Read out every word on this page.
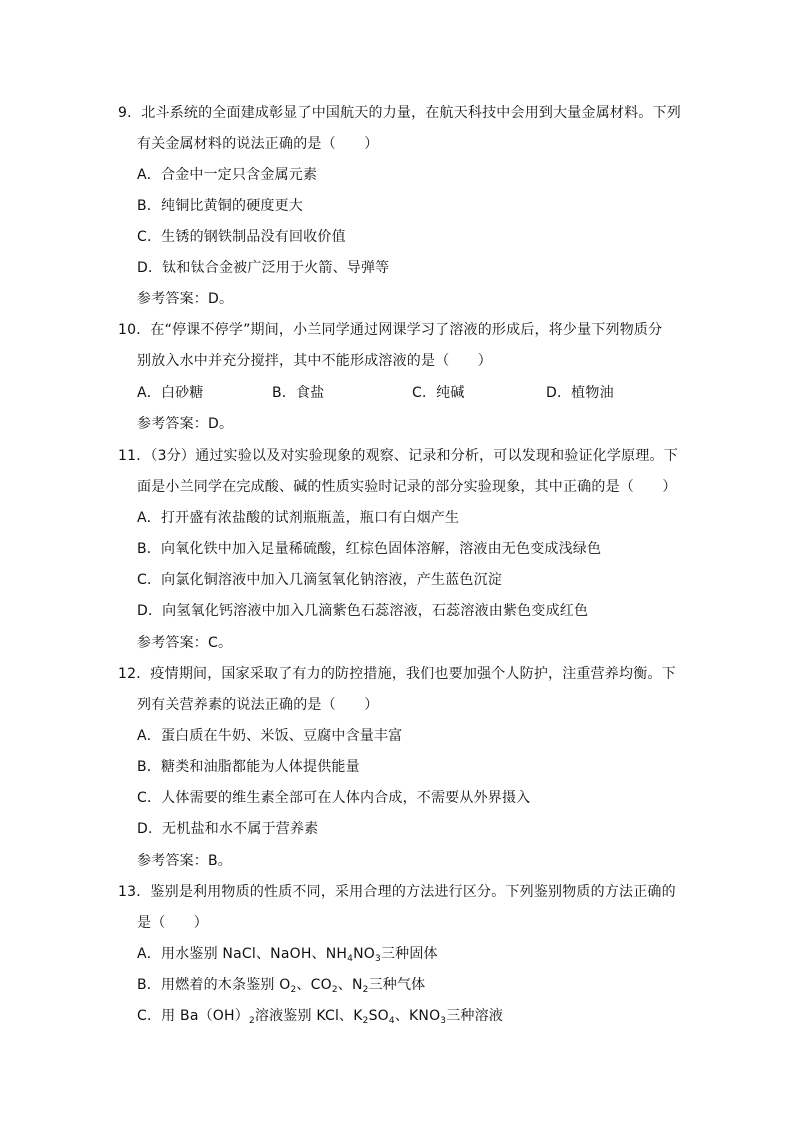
9．北斗系统的全面建成彰显了中国航天的力量，在航天科技中会用到大量金属材料。下列
有关金属材料的说法正确的是（　　）
A．合金中一定只含金属元素
B．纯铜比黄铜的硬度更大
C．生锈的钢铁制品没有回收价值
D．钛和钛合金被广泛用于火箭、导弹等
参考答案：D。
10．在“停课不停学”期间，小兰同学通过网课学习了溶液的形成后，将少量下列物质分
别放入水中并充分搅拌，其中不能形成溶液的是（　　）
A．白砂糖	B．食盐	C．纯碱	D．植物油
参考答案：D。
11．（3分）通过实验以及对实验现象的观察、记录和分析，可以发现和验证化学原理。下
面是小兰同学在完成酸、碱的性质实验时记录的部分实验现象，其中正确的是（　　）
A．打开盛有浓盐酸的试剂瓶瓶盖，瓶口有白烟产生
B．向氧化铁中加入足量稀硫酸，红棕色固体溶解，溶液由无色变成浅绿色
C．向氯化铜溶液中加入几滴氢氧化钠溶液，产生蓝色沉淀
D．向氢氧化钙溶液中加入几滴紫色石蕊溶液，石蕊溶液由紫色变成红色
参考答案：C。
12．疫情期间，国家采取了有力的防控措施，我们也要加强个人防护，注重营养均衡。下
列有关营养素的说法正确的是（　　）
A．蛋白质在牛奶、米饭、豆腐中含量丰富
B．糖类和油脂都能为人体提供能量
C．人体需要的维生素全部可在人体内合成，不需要从外界摄入
D．无机盐和水不属于营养素
参考答案：B。
13．鉴别是利用物质的性质不同，采用合理的方法进行区分。下列鉴别物质的方法正确的
是（　　）
A．用水鉴别 NaCl、NaOH、$NH_4NO_3$三种固体
B．用燃着的木条鉴别 $O_2$、$CO_2$、$N_2$三种气体
C．用 $Ba(OH)_2$溶液鉴别 KCl、$K_2SO_4$、$KNO_3$三种溶液
